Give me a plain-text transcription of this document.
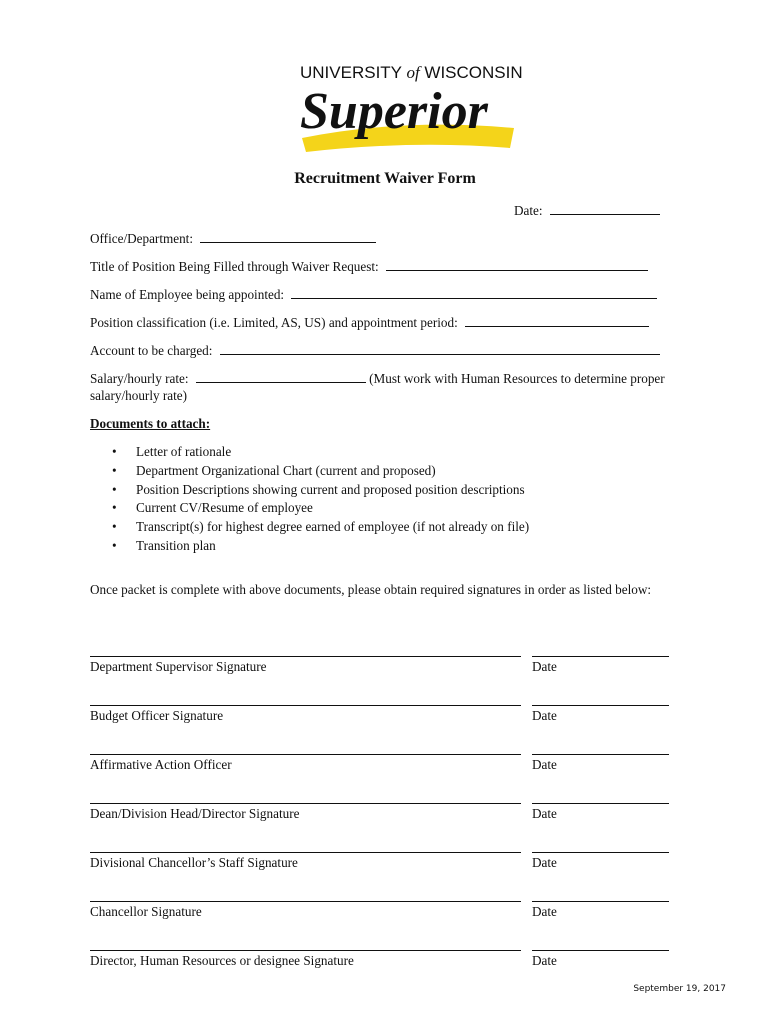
UNIVERSITY of WISCONSIN
Superior
Recruitment Waiver Form
Date:
Office/Department:
Title of Position Being Filled through Waiver Request:
Name of Employee being appointed:
Position classification (i.e. Limited, AS, US) and appointment period:
Account to be charged:
Salary/hourly rate:	(Must work with Human Resources to determine proper
salary/hourly rate)
Documents to attach:
• Letter of rationale
• Department Organizational Chart (current and proposed)
• Position Descriptions showing current and proposed position descriptions
• Current CV/Resume of employee
• Transcript(s) for highest degree earned of employee (if not already on file)
• Transition plan
Once packet is complete with above documents, please obtain required signatures in order as listed below:
Department Supervisor Signature	Date
Budget Officer Signature	Date
Affirmative Action Officer	Date
Dean/Division Head/Director Signature	Date
Divisional Chancellor’s Staff Signature	Date
Chancellor Signature	Date
Director, Human Resources or designee Signature	Date
September 19, 2017
